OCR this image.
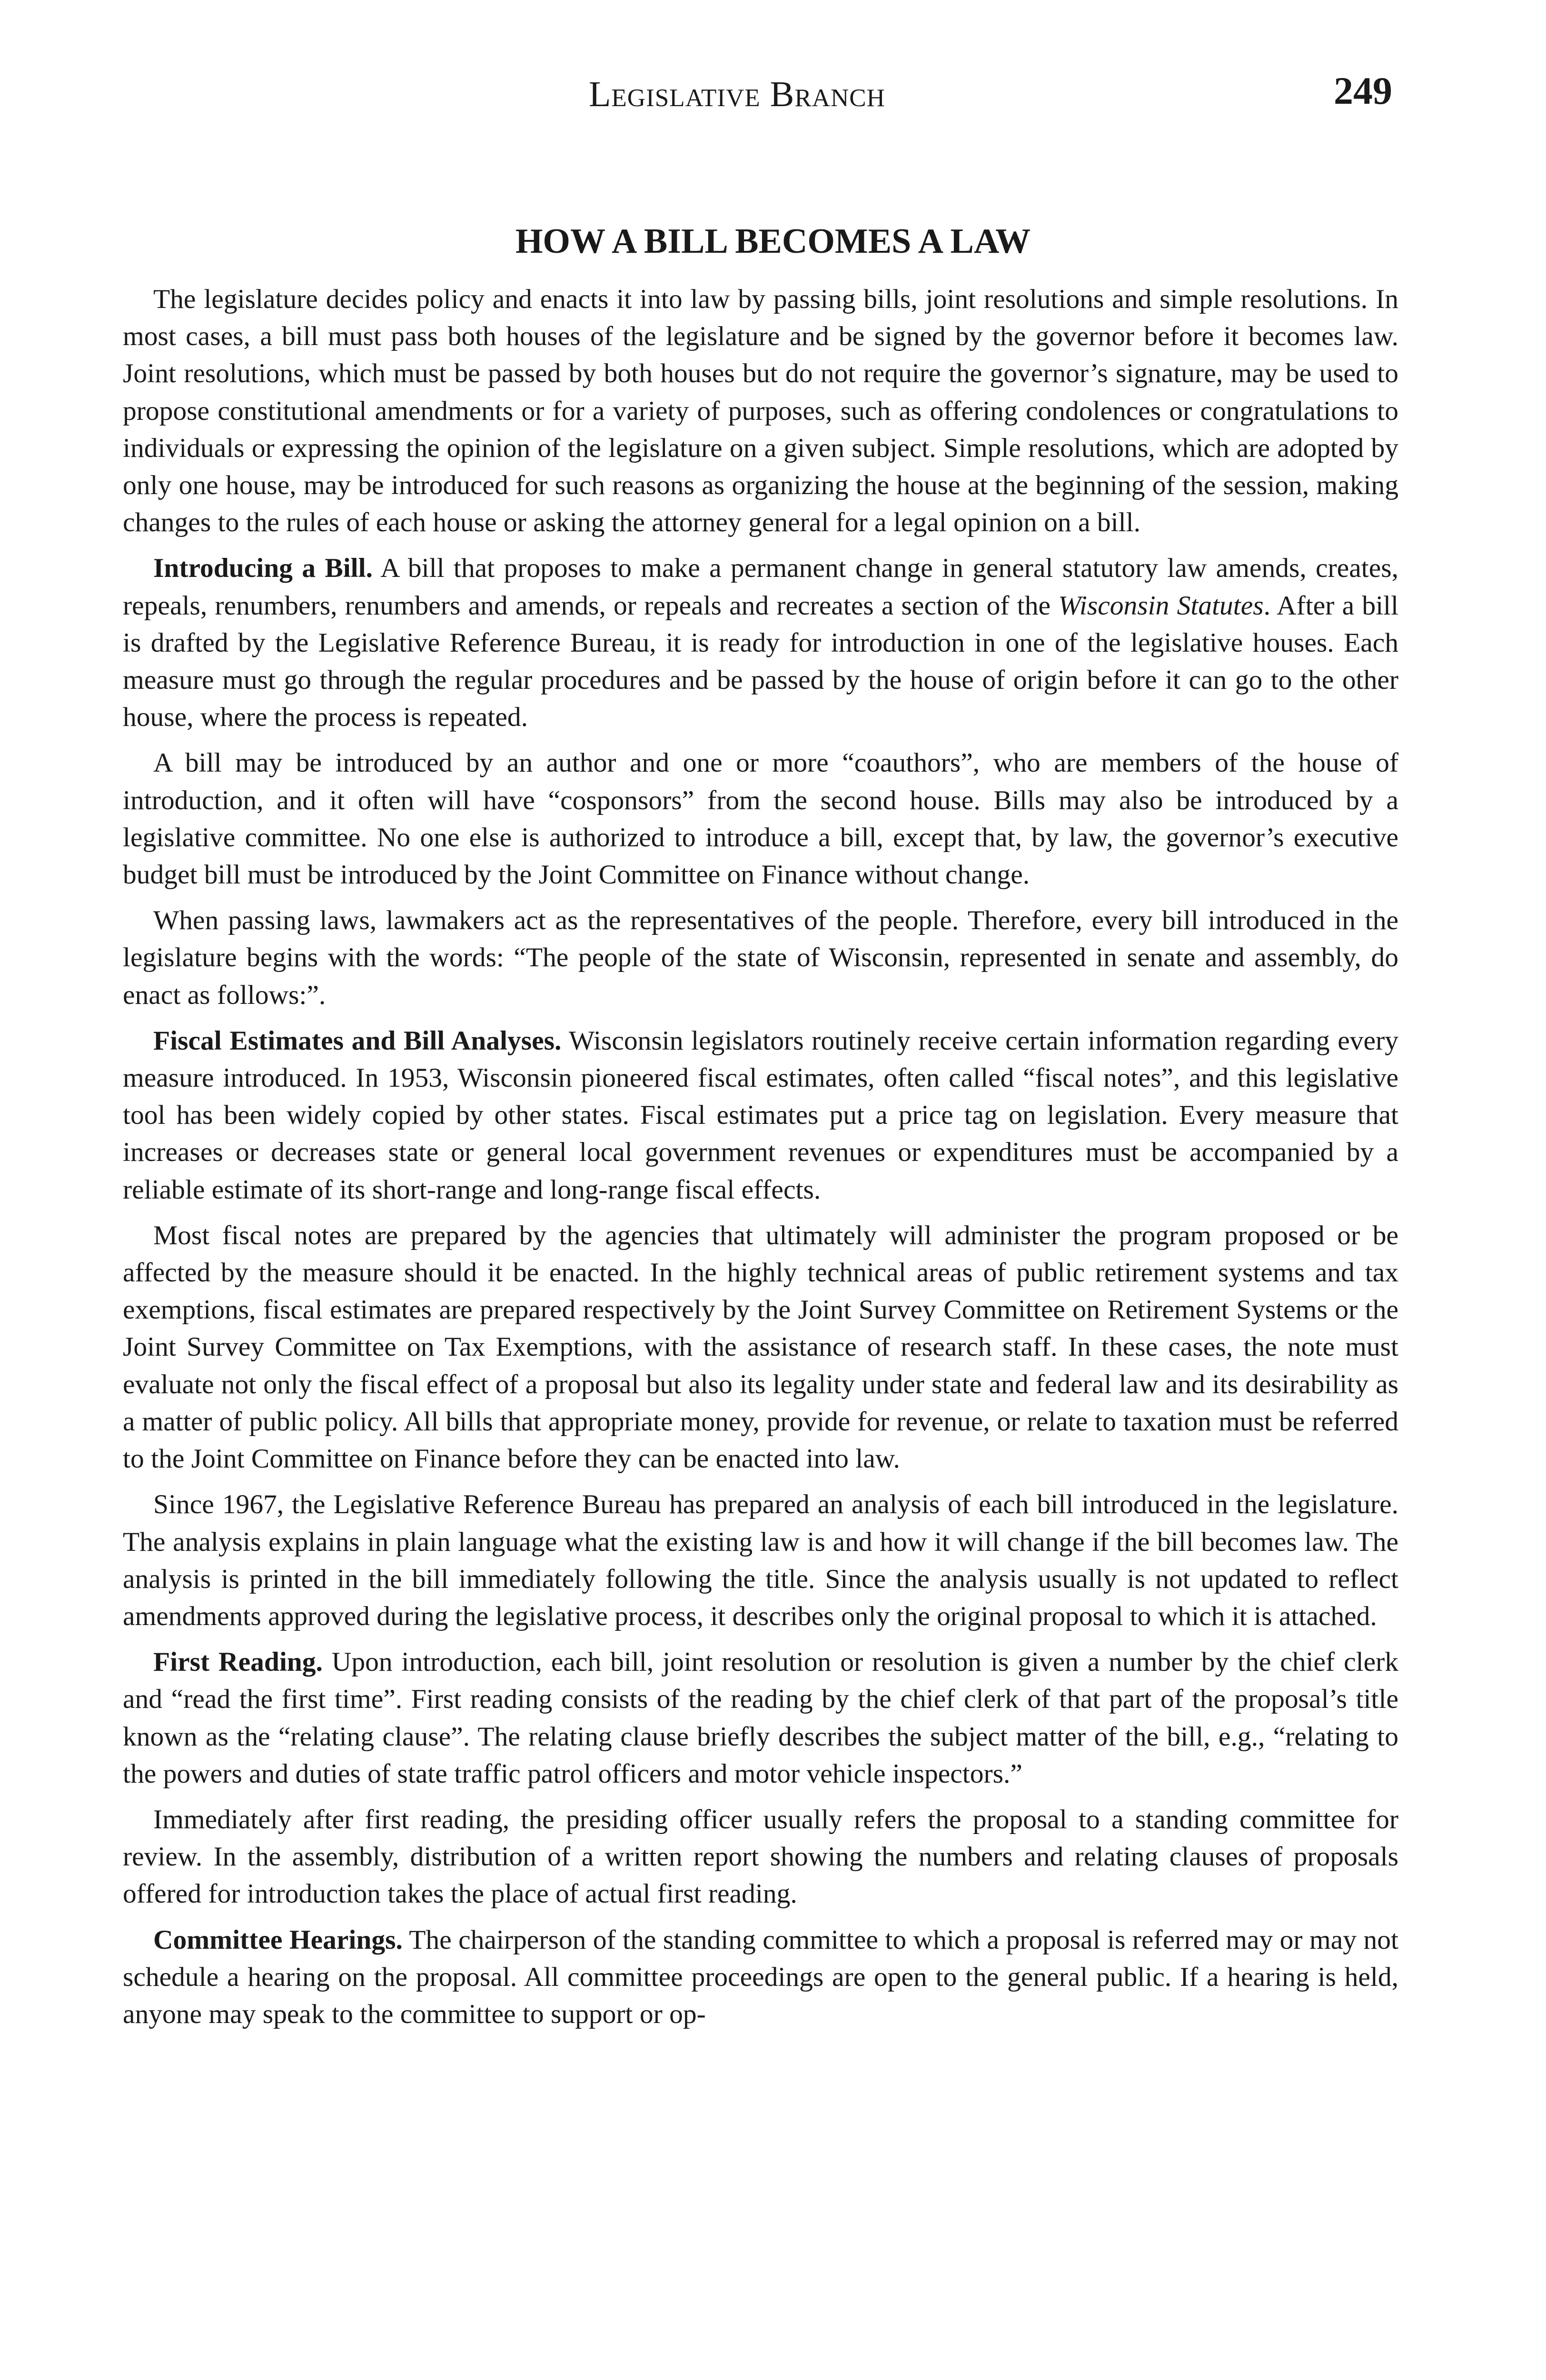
Legislative Branch	249
HOW A BILL BECOMES A LAW

The legislature decides policy and enacts it into law by passing bills, joint resolutions and simple resolutions. In most cases, a bill must pass both houses of the legislature and be signed by the governor before it becomes law. Joint resolutions, which must be passed by both houses but do not require the governor’s signature, may be used to propose constitutional amendments or for a variety of purposes, such as offering condolences or congratulations to individuals or expressing the opinion of the legislature on a given subject. Simple resolutions, which are adopted by only one house, may be introduced for such reasons as organizing the house at the beginning of the session, making changes to the rules of each house or asking the attorney general for a legal opinion on a bill.

Introducing a Bill. A bill that proposes to make a permanent change in general statutory law amends, creates, repeals, renumbers, renumbers and amends, or repeals and recreates a section of the Wisconsin Statutes. After a bill is drafted by the Legislative Reference Bureau, it is ready for introduction in one of the legislative houses. Each measure must go through the regular procedures and be passed by the house of origin before it can go to the other house, where the process is repeated.

A bill may be introduced by an author and one or more “coauthors”, who are members of the house of introduction, and it often will have “cosponsors” from the second house. Bills may also be introduced by a legislative committee. No one else is authorized to introduce a bill, except that, by law, the governor’s executive budget bill must be introduced by the Joint Committee on Finance without change.

When passing laws, lawmakers act as the representatives of the people. Therefore, every bill introduced in the legislature begins with the words: “The people of the state of Wisconsin, represented in senate and assembly, do enact as follows:”.

Fiscal Estimates and Bill Analyses. Wisconsin legislators routinely receive certain information regarding every measure introduced. In 1953, Wisconsin pioneered fiscal estimates, often called “fiscal notes”, and this legislative tool has been widely copied by other states. Fiscal estimates put a price tag on legislation. Every measure that increases or decreases state or general local government revenues or expenditures must be accompanied by a reliable estimate of its short-range and long-range fiscal effects.

Most fiscal notes are prepared by the agencies that ultimately will administer the program proposed or be affected by the measure should it be enacted. In the highly technical areas of public retirement systems and tax exemptions, fiscal estimates are prepared respectively by the Joint Survey Committee on Retirement Systems or the Joint Survey Committee on Tax Exemptions, with the assistance of research staff. In these cases, the note must evaluate not only the fiscal effect of a proposal but also its legality under state and federal law and its desirability as a matter of public policy. All bills that appropriate money, provide for revenue, or relate to taxation must be referred to the Joint Committee on Finance before they can be enacted into law.

Since 1967, the Legislative Reference Bureau has prepared an analysis of each bill introduced in the legislature. The analysis explains in plain language what the existing law is and how it will change if the bill becomes law. The analysis is printed in the bill immediately following the title. Since the analysis usually is not updated to reflect amendments approved during the legislative process, it describes only the original proposal to which it is attached.

First Reading. Upon introduction, each bill, joint resolution or resolution is given a number by the chief clerk and “read the first time”. First reading consists of the reading by the chief clerk of that part of the proposal’s title known as the “relating clause”. The relating clause briefly describes the subject matter of the bill, e.g., “relating to the powers and duties of state traffic patrol officers and motor vehicle inspectors.”

Immediately after first reading, the presiding officer usually refers the proposal to a standing committee for review. In the assembly, distribution of a written report showing the numbers and relating clauses of proposals offered for introduction takes the place of actual first reading.

Committee Hearings. The chairperson of the standing committee to which a proposal is referred may or may not schedule a hearing on the proposal. All committee proceedings are open to the general public. If a hearing is held, anyone may speak to the committee to support or op-
